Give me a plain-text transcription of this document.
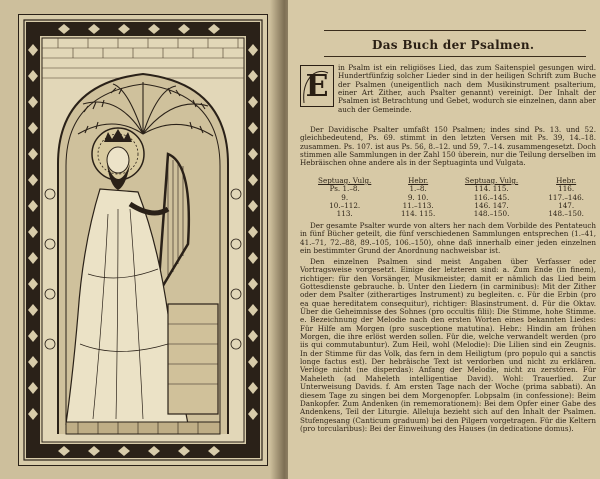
Das Buch der Psalmen.
E

in Psalm ist ein religiöses Lied, das zum Saitenspiel gesungen wird. Hundertfünfzig solcher Lieder sind in der heiligen Schrift zum Buche der Psalmen (uneigentlich nach dem Musikinstrument psalterium, einer Art Zither, auch Psalter genannt) vereinigt. Der Inhalt der Psalmen ist Betrachtung und Gebet, wodurch sie einzelnen, dann aber auch der Gemeinde.

Der Davidische Psalter umfaßt 150 Psalmen; indes sind Ps. 13. und 52. gleichbedeutend, Ps. 69. stimmt in den letzten Versen mit Ps. 39, 14.–18. zusammen. Ps. 107. ist aus Ps. 56, 8.–12. und 59, 7.–14. zusammengesetzt. Doch stimmen alle Sammlungen in der Zahl 150 überein, nur die Teilung derselben im Hebräischen ohne andere als in der Septuaginta und Vulgata.

Septuag. Vulg.	Hebr.	Septuag. Vulg.	Hebr.
Ps. 1.–8.	1.–8.	114. 115.	116.
9.	9. 10.	116.–145.	117.–146.
10.–112.	11.–113.	146. 147.	147.
113.	114. 115.	148.–150.	148.–150.

Der gesamte Psalter wurde von alters her nach dem Vorbilde des Pentateuch in fünf Bücher geteilt, die fünf verschiedenen Sammlungen entsprechen (1.–41, 41.–71, 72.–88, 89.–105, 106.–150), ohne daß innerhalb einer jeden einzelnen ein bestimmter Grund der Anordnung nachweisbar ist.

Den einzelnen Psalmen sind meist Angaben über Verfasser oder Vortragsweise vorgesetzt. Einige der letzteren sind: a. Zum Ende (in finem), richtiger: für den Vorsänger, Musikmeister, damit er nämlich das Lied beim Gottesdienste gebrauche. b. Unter den Liedern (in carminibus): Mit der Zither oder dem Psalter (zitherartiges Instrument) zu begleiten. c. Für die Erbin (pro ea quae hereditatem consequitur), richtiger: Blasinstrument. d. Für die Oktav. Über die Geheimnisse des Sohnes (pro occultis filii): Die Stimme, hohe Stimme. e. Bezeichnung der Melodie nach den ersten Worten eines bekannten Liedes: Für Hilfe am Morgen (pro susceptione matutina). Hebr.: Hindin am frühen Morgen, die ihre erlöst werden sollen. Für die, welche verwandelt werden (pro iis qui commutabuntur). Zum Heil, wohl (Melodie): Die Lilien sind ein Zeugnis. In der Stimme für das Volk, das fern in dem Heiligtum (pro populo qui a sanctis longe factus est). Der hebräische Text ist verdorben und nicht zu erklären. Verlöge nicht (ne disperdas): Anfang der Melodie, nicht zu zerstören. Für Maheleth (ad Maheleth intelligentiae David). Wohl: Trauerlied. Zur Unterweisung Davids. f. Am ersten Tage nach der Woche (prima sabbati). An diesem Tage zu singen bei dem Morgenopfer. Lobpsalm (in confessione): Beim Dankopfer. Zum Andenken (in rememorationem): Bei dem Opfer einer Gabe des Andenkens, Teil der Liturgie. Alleluja bezieht sich auf den Inhalt der Psalmen. Stufengesang (Canticum graduum) bei den Pilgern vorgetragen. Für die Keltern (pro torcularibus): Bei der Einweihung des Hauses (in dedicatione domus).
